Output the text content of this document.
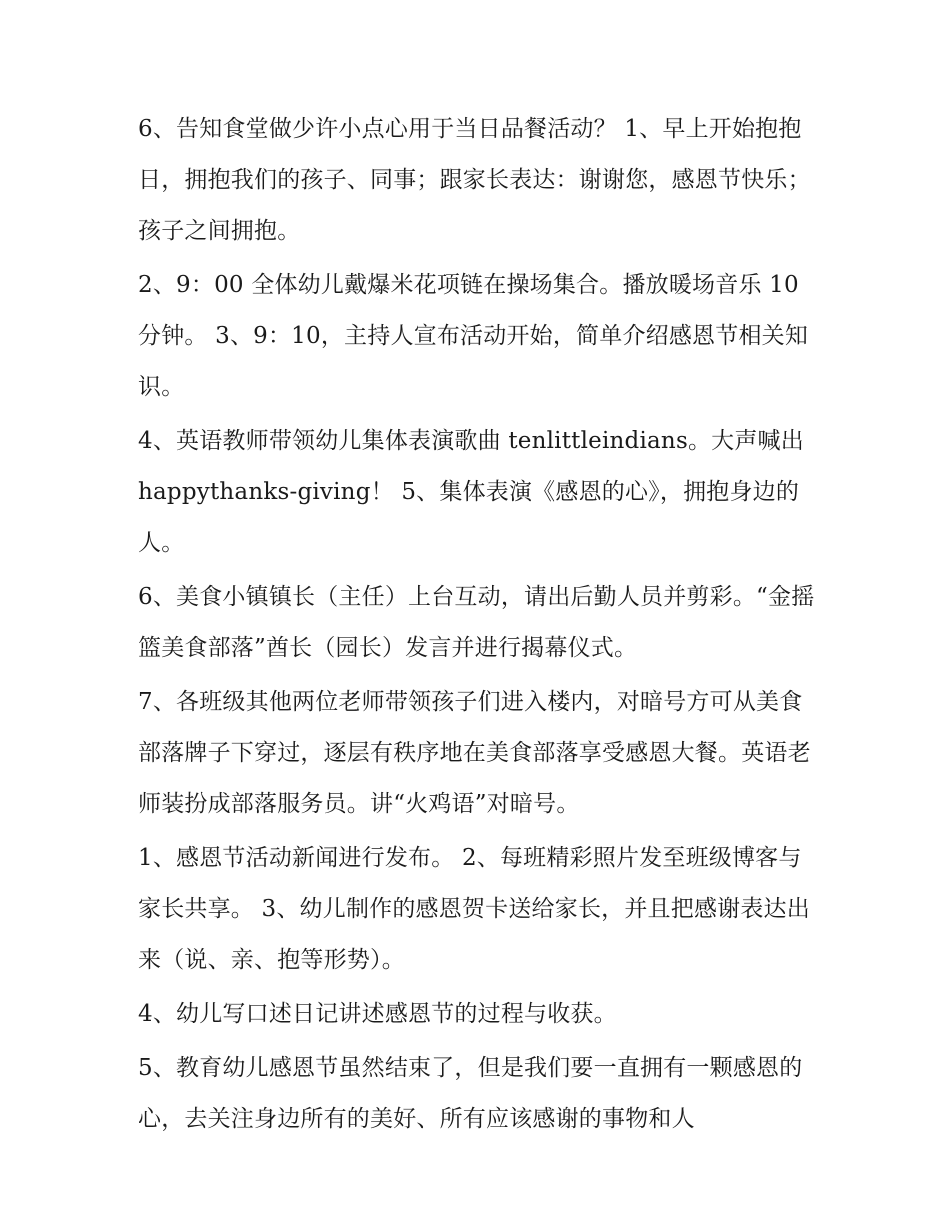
6、告知食堂做少许小点心用于当日品餐活动？ 1、早上开始抱抱日，拥抱我们的孩子、同事；跟家长表达：谢谢您，感恩节快乐；孩子之间拥抱。

2、9：00 全体幼儿戴爆米花项链在操场集合。播放暖场音乐 10 分钟。 3、9：10，主持人宣布活动开始，简单介绍感恩节相关知识。

4、英语教师带领幼儿集体表演歌曲 tenlittleindians。大声喊出 happythanks-giving！ 5、集体表演《感恩的心》，拥抱身边的人。

6、美食小镇镇长（主任）上台互动，请出后勤人员并剪彩。“金摇篮美食部落”酋长（园长）发言并进行揭幕仪式。

7、各班级其他两位老师带领孩子们进入楼内，对暗号方可从美食部落牌子下穿过，逐层有秩序地在美食部落享受感恩大餐。英语老师装扮成部落服务员。讲“火鸡语”对暗号。

1、感恩节活动新闻进行发布。 2、每班精彩照片发至班级博客与家长共享。 3、幼儿制作的感恩贺卡送给家长，并且把感谢表达出来（说、亲、抱等形势）。

4、幼儿写口述日记讲述感恩节的过程与收获。

5、教育幼儿感恩节虽然结束了，但是我们要一直拥有一颗感恩的心，去关注身边所有的美好、所有应该感谢的事物和人
